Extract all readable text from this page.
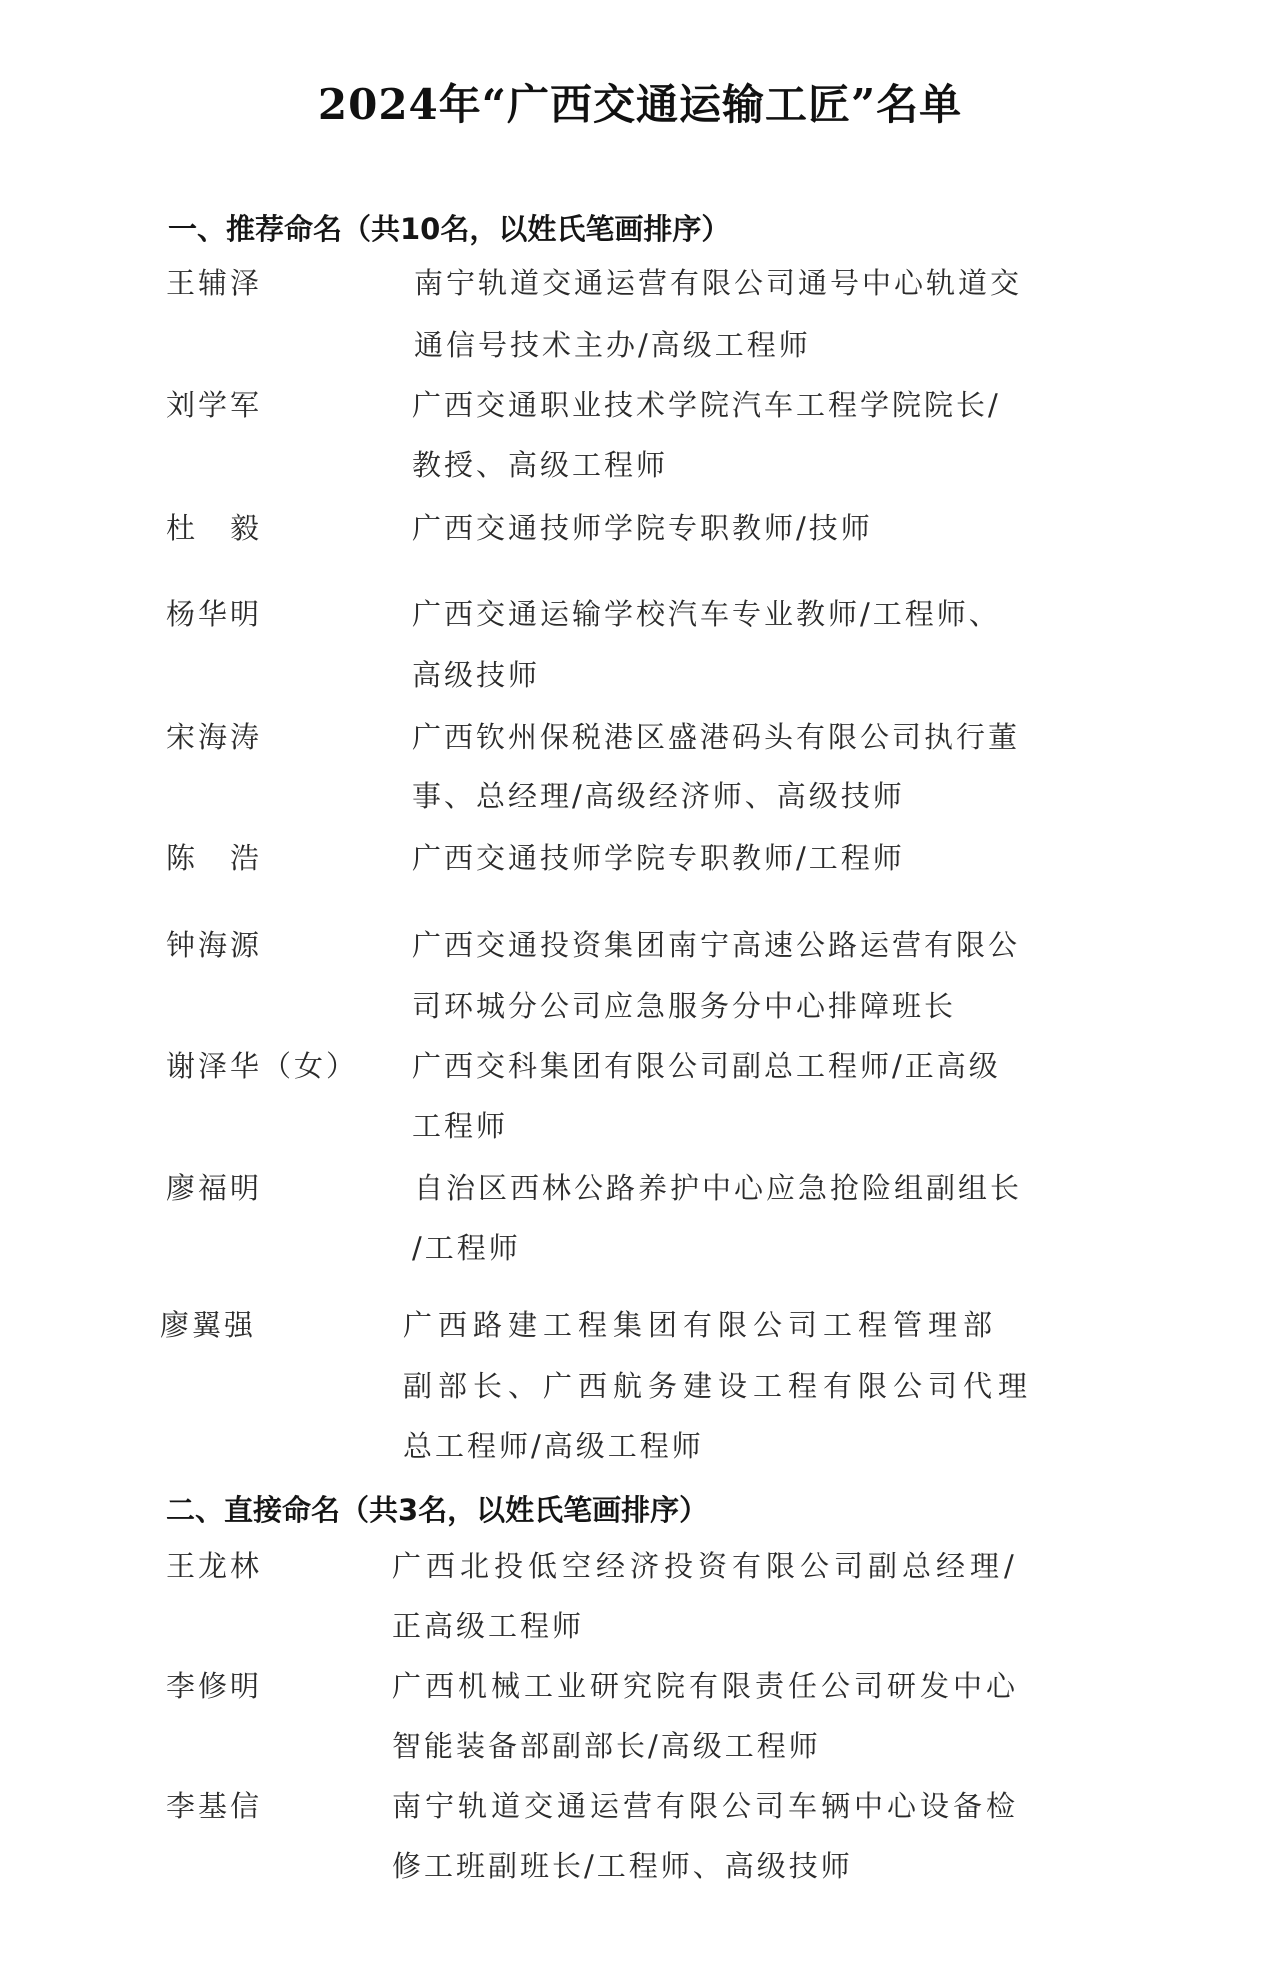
2024年“广西交通运输工匠”名单
一、推荐命名（共10名，以姓氏笔画排序）
王辅泽	南宁轨道交通运营有限公司通号中心轨道交
通信号技术主办/高级工程师
刘学军	广西交通职业技术学院汽车工程学院院长/
教授、高级工程师
杜　毅	广西交通技师学院专职教师/技师
杨华明	广西交通运输学校汽车专业教师/工程师、
高级技师
宋海涛	广西钦州保税港区盛港码头有限公司执行董
事、总经理/高级经济师、高级技师
陈　浩	广西交通技师学院专职教师/工程师
钟海源	广西交通投资集团南宁高速公路运营有限公
司环城分公司应急服务分中心排障班长
谢泽华（女） 广西交科集团有限公司副总工程师/正高级
工程师
廖福明	自治区西林公路养护中心应急抢险组副组长
/工程师
廖翼强	广西路建工程集团有限公司工程管理部
副部长、广西航务建设工程有限公司代理
总工程师/高级工程师
二、直接命名（共3名，以姓氏笔画排序）
王龙林	广西北投低空经济投资有限公司副总经理/
正高级工程师
李修明	广西机械工业研究院有限责任公司研发中心
智能装备部副部长/高级工程师
李基信	南宁轨道交通运营有限公司车辆中心设备检
修工班副班长/工程师、高级技师
